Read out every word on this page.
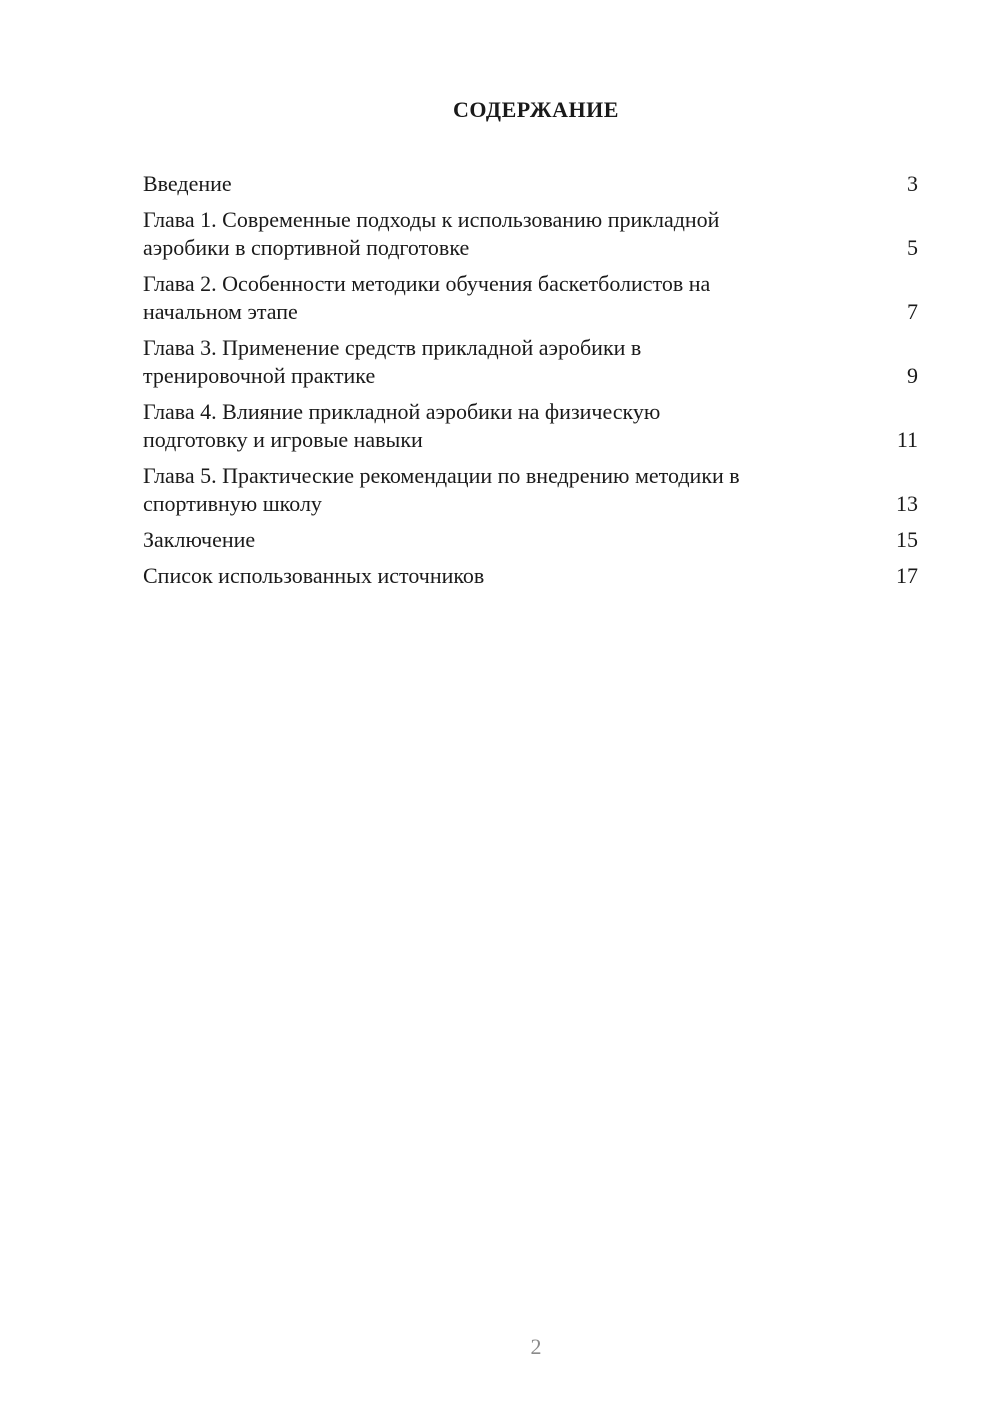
СОДЕРЖАНИЕ
Введение	3
Глава 1. Современные подходы к использованию прикладной
аэробики в спортивной подготовке	5
Глава 2. Особенности методики обучения баскетболистов на
начальном этапе	7
Глава 3. Применение средств прикладной аэробики в
тренировочной практике	9
Глава 4. Влияние прикладной аэробики на физическую
подготовку и игровые навыки	11
Глава 5. Практические рекомендации по внедрению методики в
спортивную школу	13
Заключение	15
Список использованных источников	17
2
